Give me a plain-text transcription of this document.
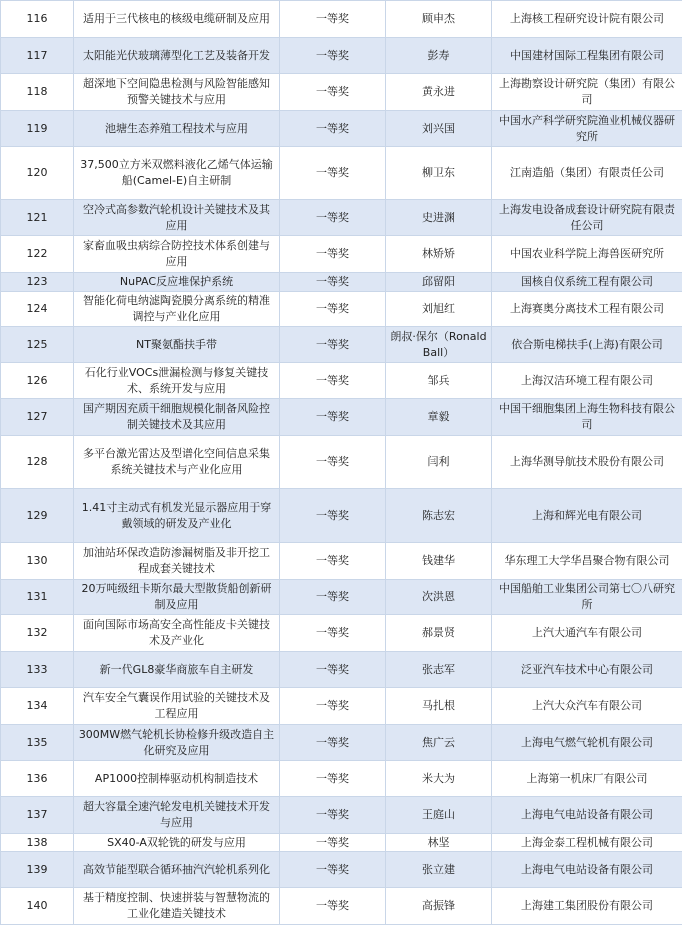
116	适用于三代核电的核级电缆研制及应用	一等奖	顾申杰	上海核工程研究设计院有限公司
117	太阳能光伏玻璃薄型化工艺及装备开发	一等奖	彭寿	中国建材国际工程集团有限公司
118	超深地下空间隐患检测与风险智能感知预警关键技术与应用	一等奖	黄永进	上海勘察设计研究院（集团）有限公司
119	池塘生态养殖工程技术与应用	一等奖	刘兴国	中国水产科学研究院渔业机械仪器研究所
120	37,500立方米双燃料液化乙烯气体运输船(Camel-E)自主研制	一等奖	柳卫东	江南造船（集团）有限责任公司
121	空冷式高参数汽轮机设计关键技术及其应用	一等奖	史进渊	上海发电设备成套设计研究院有限责任公司
122	家畜血吸虫病综合防控技术体系创建与应用	一等奖	林矫矫	中国农业科学院上海兽医研究所
123	NuPAC反应堆保护系统	一等奖	邱留阳	国核自仪系统工程有限公司
124	智能化荷电纳滤陶瓷膜分离系统的精准调控与产业化应用	一等奖	刘旭红	上海赛奥分离技术工程有限公司
125	NT聚氨酯扶手带	一等奖	朗叔·保尔（Ronald Ball）	依合斯电梯扶手(上海)有限公司
126	石化行业VOCs泄漏检测与修复关键技术、系统开发与应用	一等奖	邹兵	上海汉洁环境工程有限公司
127	国产期因充质干细胞规模化制备风险控制关键技术及其应用	一等奖	章毅	中国干细胞集团上海生物科技有限公司
128	多平台激光雷达及型谱化空间信息采集系统关键技术与产业化应用	一等奖	闫利	上海华测导航技术股份有限公司
129	1.41寸主动式有机发光显示器应用于穿戴领域的研发及产业化	一等奖	陈志宏	上海和辉光电有限公司
130	加油站环保改造防渗漏树脂及非开挖工程成套关键技术	一等奖	钱建华	华东理工大学华昌聚合物有限公司
131	20万吨级纽卡斯尔最大型散货船创新研制及应用	一等奖	次洪恩	中国船舶工业集团公司第七〇八研究所
132	面向国际市场高安全高性能皮卡关键技术及产业化	一等奖	郝景贤	上汽大通汽车有限公司
133	新一代GL8豪华商旅车自主研发	一等奖	张志军	泛亚汽车技术中心有限公司
134	汽车安全气囊误作用试验的关键技术及工程应用	一等奖	马扎根	上汽大众汽车有限公司
135	300MW燃气轮机长协检修升级改造自主化研究及应用	一等奖	焦广云	上海电气燃气轮机有限公司
136	AP1000控制棒驱动机构制造技术	一等奖	米大为	上海第一机床厂有限公司
137	超大容量全速汽轮发电机关键技术开发与应用	一等奖	王庭山	上海电气电站设备有限公司
138	SX40-A双轮铣的研发与应用	一等奖	林坚	上海金泰工程机械有限公司
139	高效节能型联合循环抽汽汽轮机系列化	一等奖	张立建	上海电气电站设备有限公司
140	基于精度控制、快速拼装与智慧物流的工业化建造关键技术	一等奖	高振锋	上海建工集团股份有限公司
